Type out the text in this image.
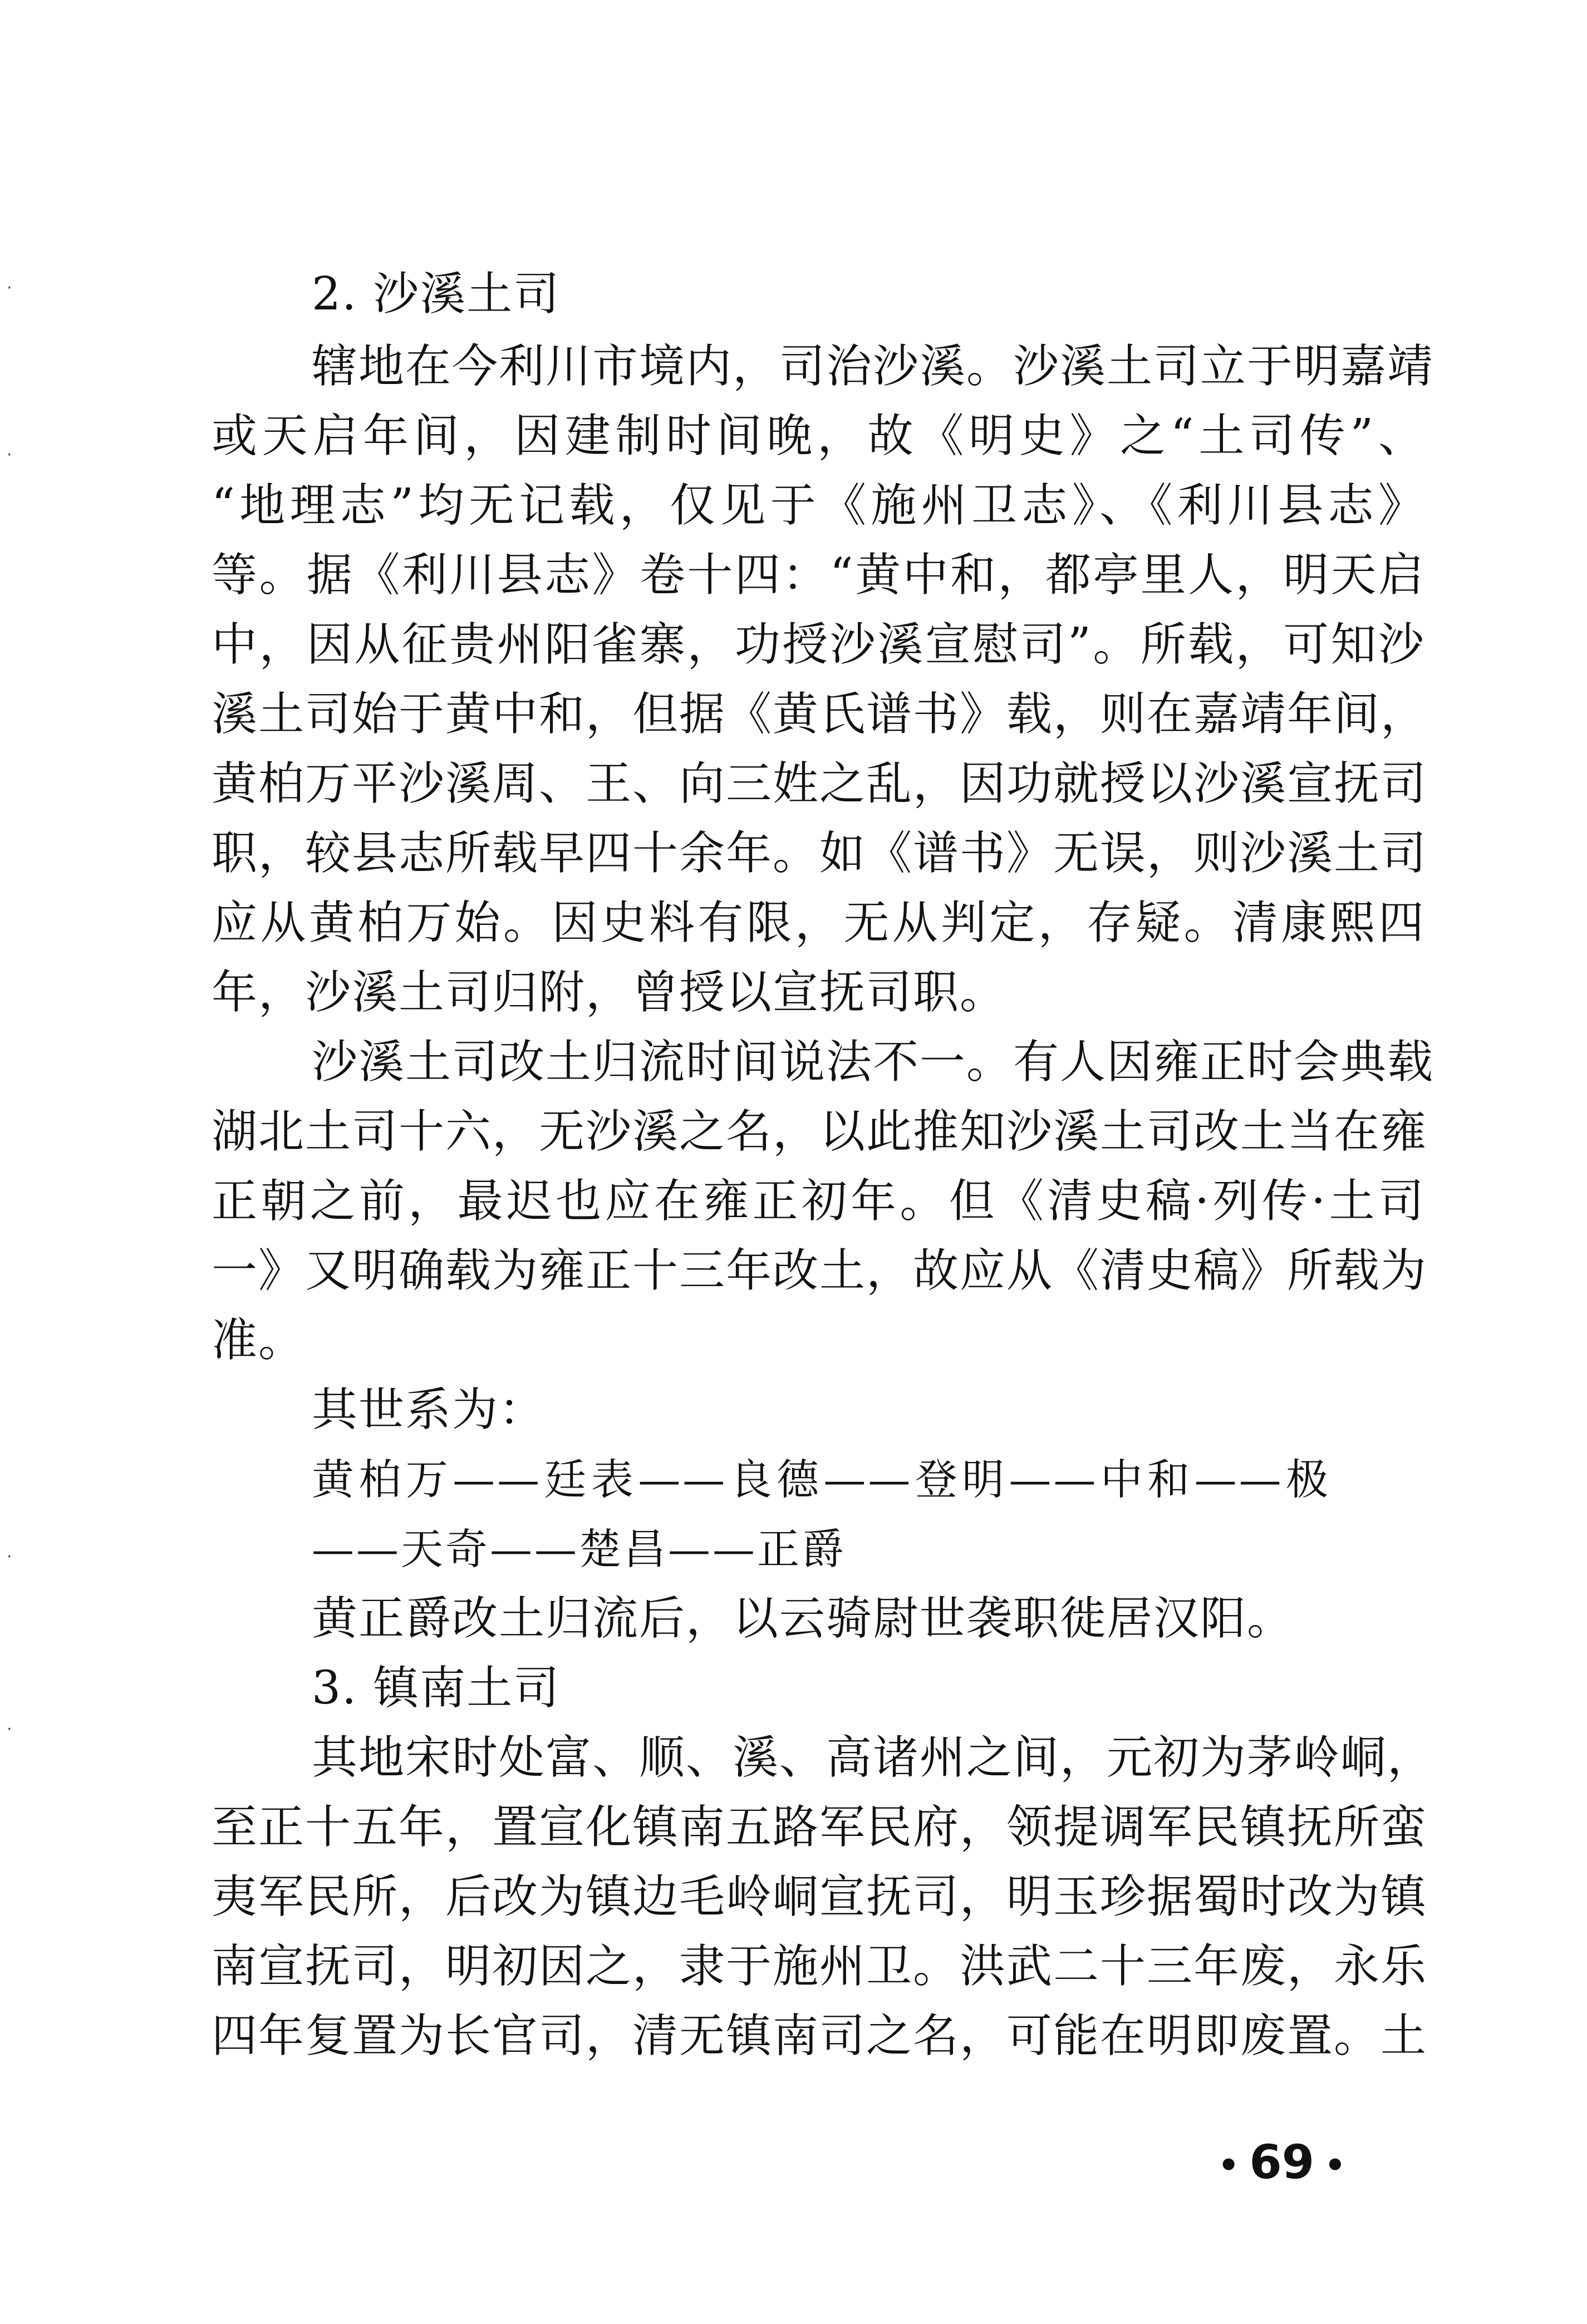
2. 沙溪土司
辖地在今利川市境内，司治沙溪。沙溪土司立于明嘉靖
或天启年间，因建制时间晚，故《明史》之“土司传”、
“地理志”均无记载，仅见于《施州卫志》、《利川县志》
等。据《利川县志》卷十四：“黄中和，都亭里人，明天启
中，因从征贵州阳雀寨，功授沙溪宣慰司”。所载，可知沙
溪土司始于黄中和，但据《黄氏谱书》载，则在嘉靖年间，
黄柏万平沙溪周、王、向三姓之乱，因功就授以沙溪宣抚司
职，较县志所载早四十余年。如《谱书》无误，则沙溪土司
应从黄柏万始。因史料有限，无从判定，存疑。清康熙四
年，沙溪土司归附，曾授以宣抚司职。
沙溪土司改土归流时间说法不一。有人因雍正时会典载
湖北土司十六，无沙溪之名，以此推知沙溪土司改土当在雍
正朝之前，最迟也应在雍正初年。但《清史稿·列传·土司
一》又明确载为雍正十三年改土，故应从《清史稿》所载为
准。
其世系为：
黄柏万——廷表——良德——登明——中和——极
——天奇——楚昌——正爵
黄正爵改土归流后，以云骑尉世袭职徙居汉阳。
3. 镇南土司
其地宋时处富、顺、溪、高诸州之间，元初为茅岭峒，
至正十五年，置宣化镇南五路军民府，领提调军民镇抚所蛮
夷军民所，后改为镇边毛岭峒宣抚司，明玉珍据蜀时改为镇
南宣抚司，明初因之，隶于施州卫。洪武二十三年废，永乐
四年复置为长官司，清无镇南司之名，可能在明即废置。土
• 69 •
·
·
·
·
